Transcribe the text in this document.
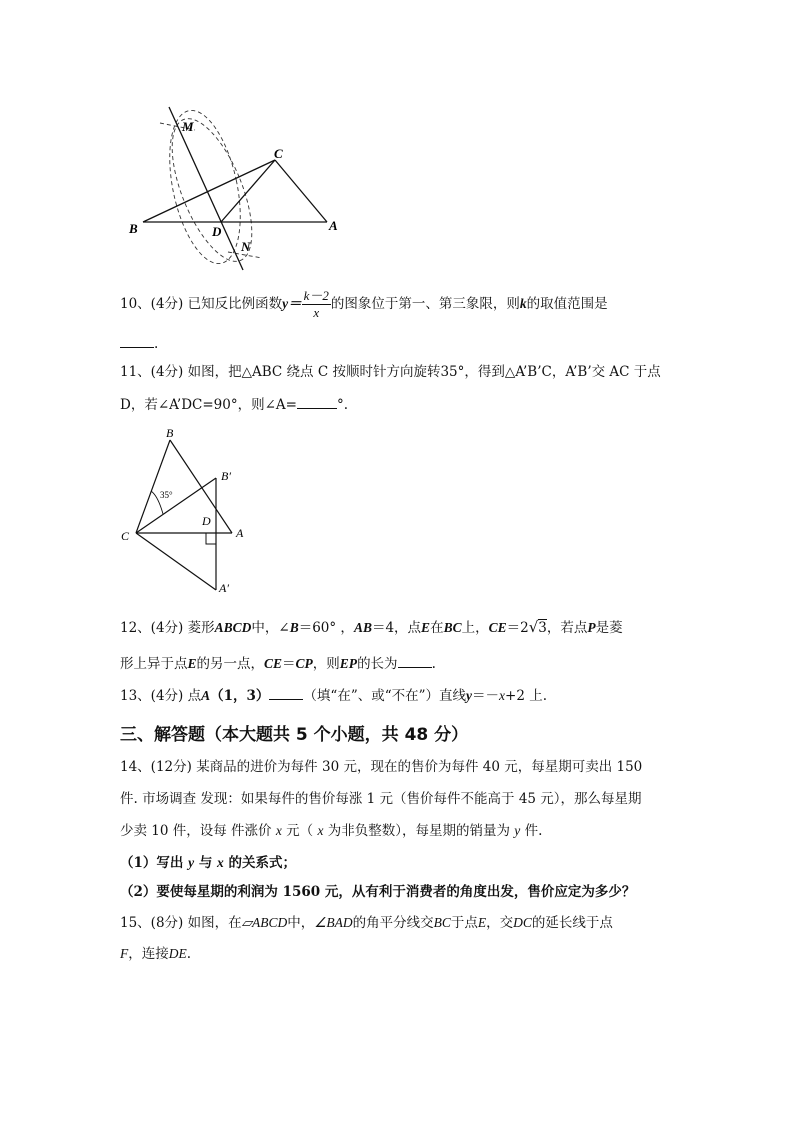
M
C
B	D
N
A
10、(4分) 已知反比例函数$y= \frac{k-2}{x}$ 的图象位于第一、第三象限，则k的取值范围是
.
11、(4分) 如图，把△ABC 绕点 C 按顺时针方向旋转35°，得到△A’B’C，A’B’交 AC 于点
D，若∠A’DC=90°，则∠A=	°.
B
B′
35°
D
C	A
A′
12、(4分) 菱形ABCD中，∠B＝60° ，AB＝4，点E在BC上，CE＝2√3，若点P是菱
形上异于点E的另一点，CE＝CP，则EP的长为	.
13、(4分) 点A（1，3）	（填“在”、或“不在”）直线y＝－x+2 上.
三、解答题（本大题共 5 个小题，共 48 分）
14、(12分) 某商品的进价为每件 30 元，现在的售价为每件 40 元，每星期可卖出 150
件. 市场调查 发现：如果每件的售价每涨 1 元（售价每件不能高于 45 元），那么每星期
少卖 10 件，设每 件涨价 x 元（ x 为非负整数），每星期的销量为 y 件.
（1）写出 y 与 x 的关系式；
（2）要使每星期的利润为 1560 元，从有利于消费者的角度出发，售价应定为多少？
15、(8分) 如图，在▱ABCD中，∠BAD的角平分线交BC于点E，交DC的延长线于点
F，连接DE.
